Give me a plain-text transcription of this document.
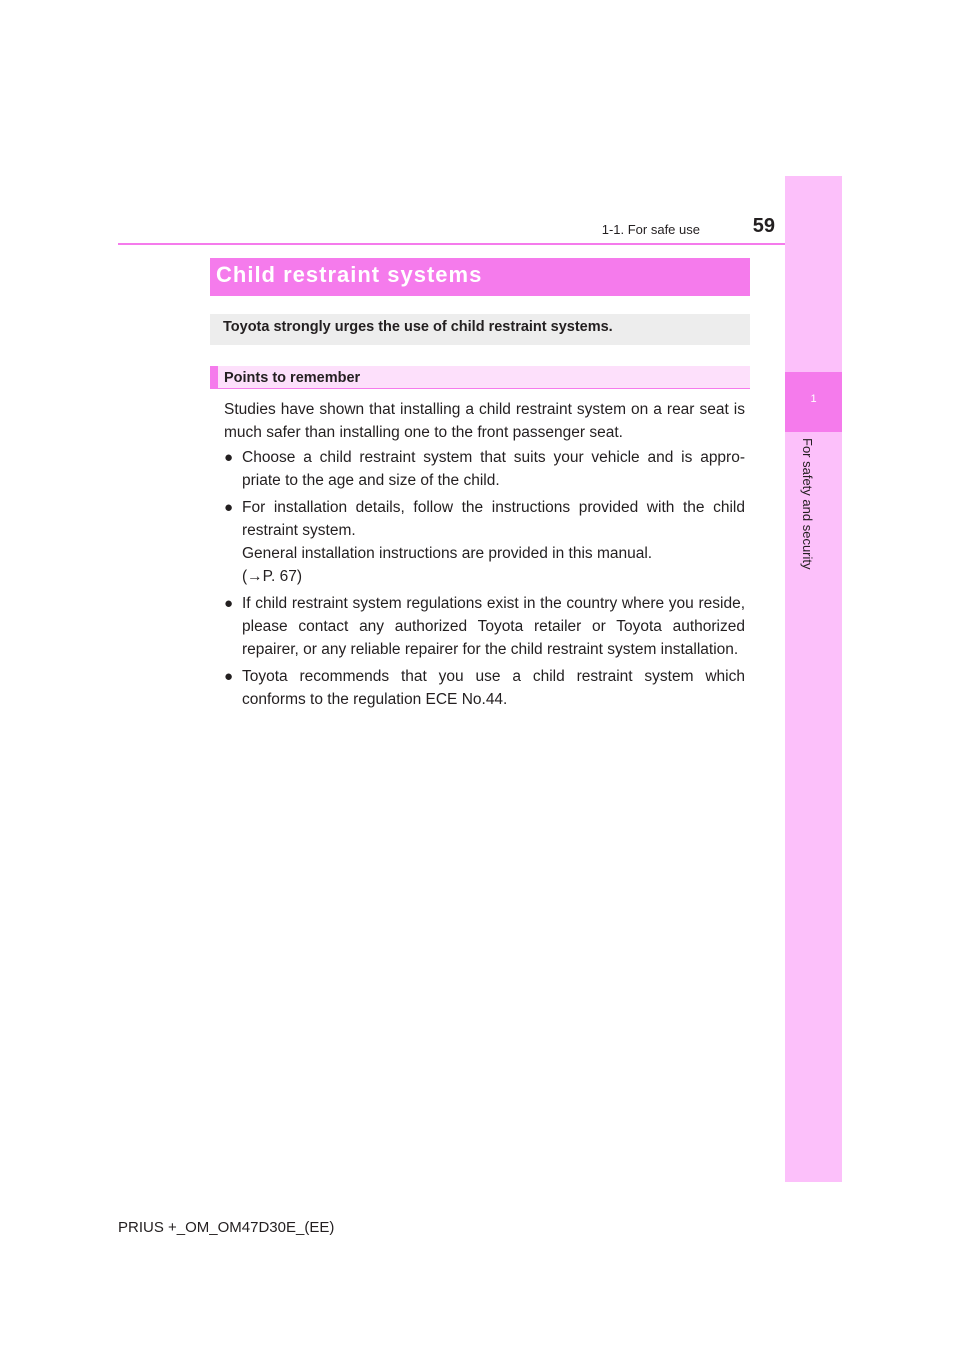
1
For safety and security
1-1. For safe use	59
Child restraint systems
Toyota strongly urges the use of child restraint systems.
Points to remember

Studies have shown that installing a child restraint system on a rear seat is much safer than installing one to the front passenger seat.

● Choose a child restraint system that suits your vehicle and is appro-priate to the age and size of the child.
● For installation details, follow the instructions provided with the child restraint system.
General installation instructions are provided in this manual.
(→P. 67)
● If child restraint system regulations exist in the country where you reside, please contact any authorized Toyota retailer or Toyota authorized repairer, or any reliable repairer for the child restraint system installation.
● Toyota recommends that you use a child restraint system which conforms to the regulation ECE No.44.
PRIUS +_OM_OM47D30E_(EE)
